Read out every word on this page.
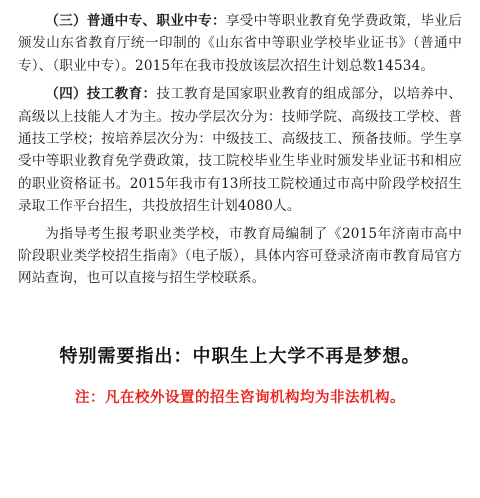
（三）普通中专、职业中专：享受中等职业教育免学费政策，毕业后颁发山东省教育厅统一印制的《山东省中等职业学校毕业证书》（普通中专）、（职业中专）。2015年在我市投放该层次招生计划总数14534。

（四）技工教育：技工教育是国家职业教育的组成部分，以培养中、高级以上技能人才为主。按办学层次分为：技师学院、高级技工学校、普通技工学校；按培养层次分为：中级技工、高级技工、预备技师。学生享受中等职业教育免学费政策，技工院校毕业生毕业时颁发毕业证书和相应的职业资格证书。2015年我市有13所技工院校通过市高中阶段学校招生录取工作平台招生，共投放招生计划4080人。

为指导考生报考职业类学校，市教育局编制了《2015年济南市高中阶段职业类学校招生指南》（电子版），具体内容可登录济南市教育局官方网站查询，也可以直接与招生学校联系。

特别需要指出：中职生上大学不再是梦想。

注：凡在校外设置的招生咨询机构均为非法机构。
